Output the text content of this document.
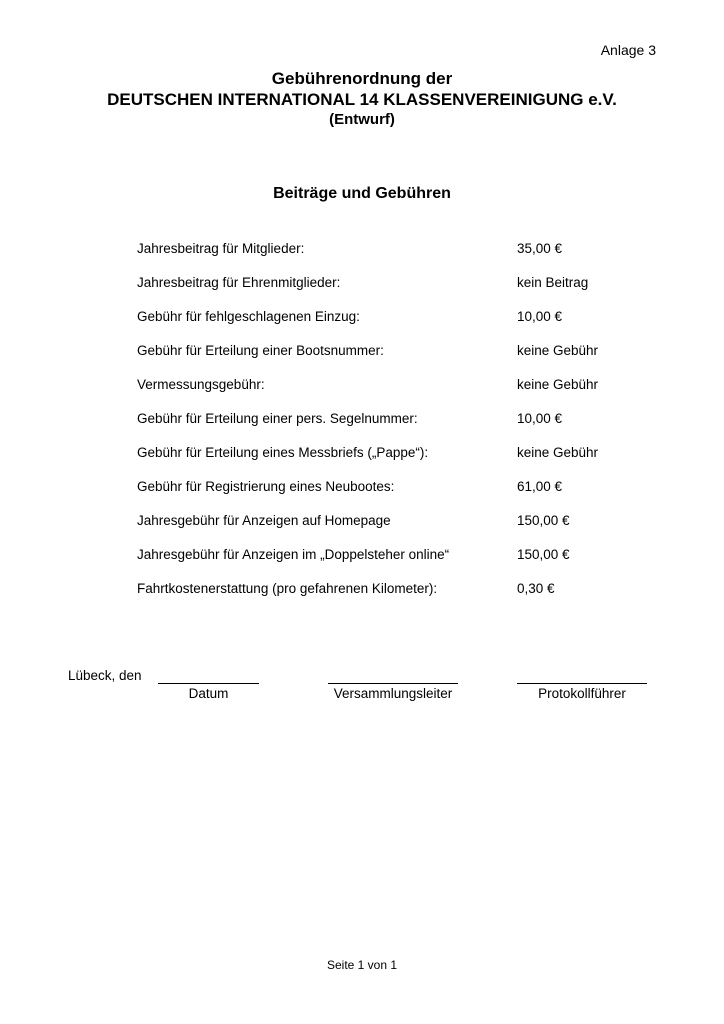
Anlage 3
Gebührenordnung der
DEUTSCHEN INTERNATIONAL 14 KLASSENVEREINIGUNG e.V.
(Entwurf)
Beiträge und Gebühren
Jahresbeitrag für Mitglieder:	35,00 €
Jahresbeitrag für Ehrenmitglieder:	kein Beitrag
Gebühr für fehlgeschlagenen Einzug:	10,00 €
Gebühr für Erteilung einer Bootsnummer:	keine Gebühr
Vermessungsgebühr:	keine Gebühr
Gebühr für Erteilung einer pers. Segelnummer:	10,00 €
Gebühr für Erteilung eines Messbriefs („Pappe“):	keine Gebühr
Gebühr für Registrierung eines Neubootes:	61,00 €
Jahresgebühr für Anzeigen auf Homepage	150,00 €
Jahresgebühr für Anzeigen im „Doppelsteher online“	150,00 €
Fahrtkostenerstattung (pro gefahrenen Kilometer):	0,30 €
Lübeck, den
Datum	Versammlungsleiter	Protokollführer
Seite 1 von 1
